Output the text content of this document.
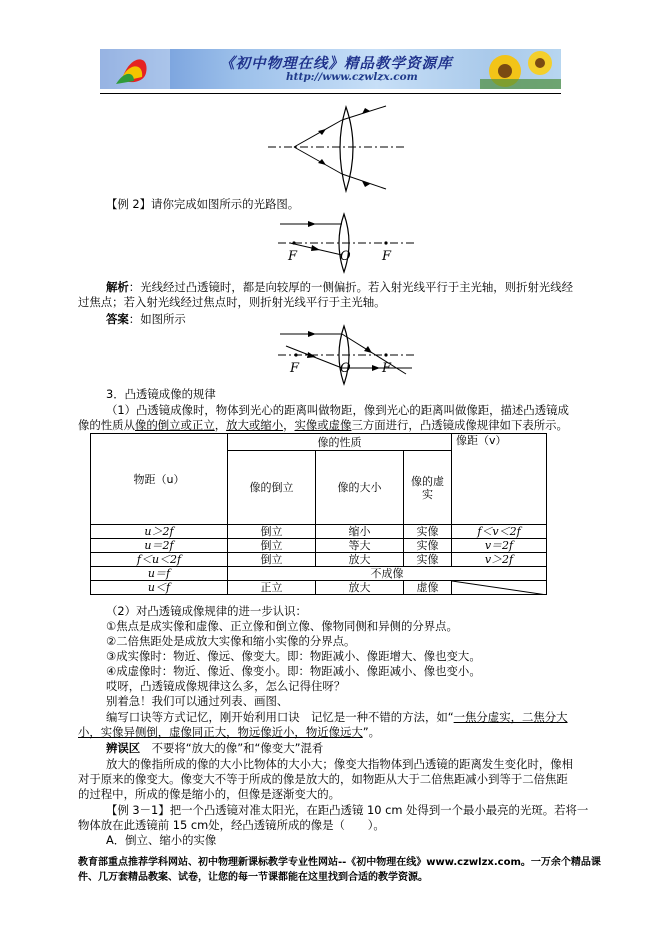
《初中物理在线》精品教学资源库
http://www.czwlzx.com
【例 2】请你完成如图所示的光路图。
F	O F
解析：光线经过凸透镜时，都是向较厚的一侧偏折。若入射光线平行于主光轴，则折射光线经
过焦点；若入射光线经过焦点时，则折射光线平行于主光轴。
答案：如图所示
F	O F
3．凸透镜成像的规律
（1）凸透镜成像时，物体到光心的距离叫做物距，像到光心的距离叫做像距，描述凸透镜成
像的性质从像的倒立或正立，放大或缩小，实像或虚像三方面进行，凸透镜成像规律如下表所示。
物距（u）	像的性质			像距（v）
	像的倒立	像的大小	像的虚实	
u＞2f	倒立	缩小	实像	f＜v＜2f
u＝2f	倒立	等大	实像	v＝2f
f＜u＜2f	倒立	放大	实像	v＞2f
u＝f	不成像			
u＜f	正立	放大	虚像	
（2）对凸透镜成像规律的进一步认识：
①焦点是成实像和虚像、正立像和倒立像、像物同侧和异侧的分界点。
②二倍焦距处是成放大实像和缩小实像的分界点。
③成实像时：物近、像远、像变大。即：物距减小、像距增大、像也变大。
④成虚像时：物近、像近、像变小。即：物距减小、像距减小、像也变小。
哎呀，凸透镜成像规律这么多，怎么记得住呀？
别着急！我们可以通过列表、画图、
编写口诀等方式记忆，刚开始利用口诀　记忆是一种不错的方法，如“一焦分虚实，二焦分大
小，实像异侧倒，虚像同正大，物远像近小，物近像远大”。
辨误区　不要将“放大的像”和“像变大”混肴
放大的像指所成的像的大小比物体的大小大；像变大指物体到凸透镜的距离发生变化时，像相
对于原来的像变大。像变大不等于所成的像是放大的，如物距从大于二倍焦距减小到等于二倍焦距
的过程中，所成的像是缩小的，但像是逐渐变大的。
【例 3－1】把一个凸透镜对准太阳光，在距凸透镜 10 cm 处得到一个最小最亮的光斑。若将一
物体放在此透镜前 15 cm处，经凸透镜所成的像是（　　）。
A．倒立、缩小的实像
教育部重点推荐学科网站、初中物理新课标教学专业性网站--《初中物理在线》www.czwlzx.com。一万余个精品课
件、几万套精品教案、试卷，让您的每一节课都能在这里找到合适的教学资源。
